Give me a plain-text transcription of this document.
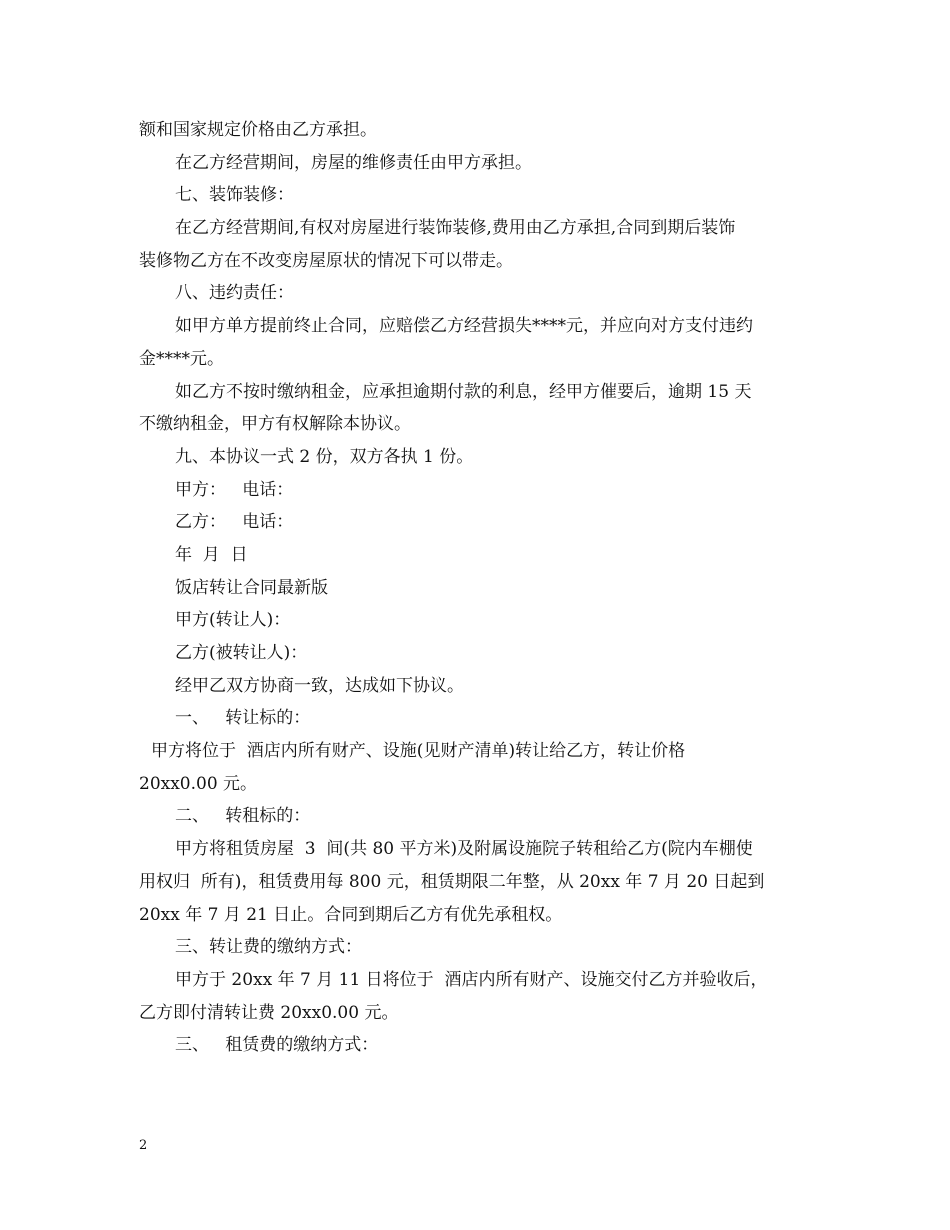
额和国家规定价格由乙方承担。
在乙方经营期间，房屋的维修责任由甲方承担。
七、装饰装修：
在乙方经营期间,有权对房屋进行装饰装修,费用由乙方承担,合同到期后装饰
装修物乙方在不改变房屋原状的情况下可以带走。
八、违约责任：
如甲方单方提前终止合同，应赔偿乙方经营损失****元，并应向对方支付违约
金****元。
如乙方不按时缴纳租金，应承担逾期付款的利息，经甲方催要后，逾期 15 天
不缴纳租金，甲方有权解除本协议。
九、本协议一式 2 份，双方各执 1 份。
甲方：   电话：
乙方：   电话：
年  月  日
饭店转让合同最新版
甲方(转让人)：
乙方(被转让人)：
经甲乙双方协商一致，达成如下协议。
一、   转让标的：
甲方将位于  酒店内所有财产、设施(见财产清单)转让给乙方，转让价格
20xx0.00 元。
二、   转租标的：
甲方将租赁房屋  3  间(共 80 平方米)及附属设施院子转租给乙方(院内车棚使
用权归  所有)，租赁费用每 800 元，租赁期限二年整，从 20xx 年 7 月 20 日起到
20xx 年 7 月 21 日止。合同到期后乙方有优先承租权。
三、转让费的缴纳方式：
甲方于 20xx 年 7 月 11 日将位于  酒店内所有财产、设施交付乙方并验收后，
乙方即付清转让费 20xx0.00 元。
三、   租赁费的缴纳方式：
2
